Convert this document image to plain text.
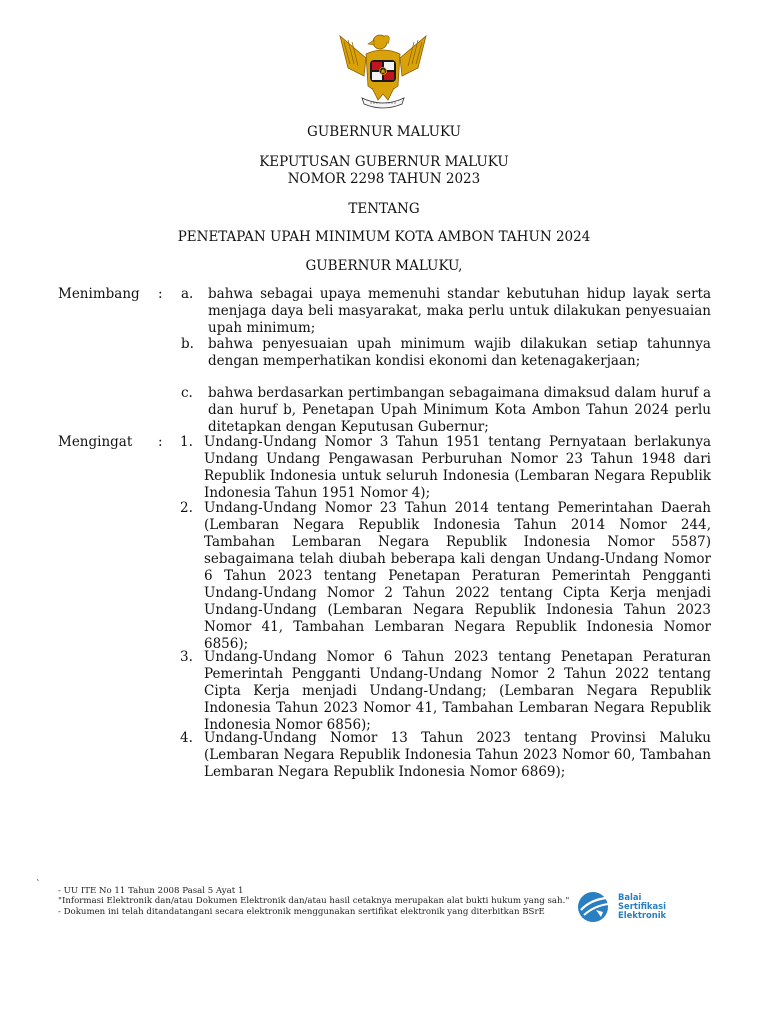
GUBERNUR MALUKU
KEPUTUSAN GUBERNUR MALUKU
NOMOR 2298 TAHUN 2023
TENTANG
PENETAPAN UPAH MINIMUM KOTA AMBON TAHUN 2024
GUBERNUR MALUKU,
Menimbang : a. bahwa sebagai upaya memenuhi standar kebutuhan hidup layak serta menjaga daya beli masyarakat, maka perlu untuk dilakukan penyesuaian upah minimum;
b. bahwa penyesuaian upah minimum wajib dilakukan setiap tahunnya dengan memperhatikan kondisi ekonomi dan ketenagakerjaan;
c. bahwa berdasarkan pertimbangan sebagaimana dimaksud dalam huruf a dan huruf b, Penetapan Upah Minimum Kota Ambon Tahun 2024 perlu ditetapkan dengan Keputusan Gubernur;
Mengingat : 1. Undang-Undang Nomor 3 Tahun 1951 tentang Pernyataan berlakunya Undang Undang Pengawasan Perburuhan Nomor 23 Tahun 1948 dari Republik Indonesia untuk seluruh Indonesia (Lembaran Negara Republik Indonesia Tahun 1951 Nomor 4);
2. Undang-Undang Nomor 23 Tahun 2014 tentang Pemerintahan Daerah (Lembaran Negara Republik Indonesia Tahun 2014 Nomor 244, Tambahan Lembaran Negara Republik Indonesia Nomor 5587) sebagaimana telah diubah beberapa kali dengan Undang-Undang Nomor 6 Tahun 2023 tentang Penetapan Peraturan Pemerintah Pengganti Undang-Undang Nomor 2 Tahun 2022 tentang Cipta Kerja menjadi Undang-Undang (Lembaran Negara Republik Indonesia Tahun 2023 Nomor 41, Tambahan Lembaran Negara Republik Indonesia Nomor 6856);
3. Undang-Undang Nomor 6 Tahun 2023 tentang Penetapan Peraturan Pemerintah Pengganti Undang-Undang Nomor 2 Tahun 2022 tentang Cipta Kerja menjadi Undang-Undang; (Lembaran Negara Republik Indonesia Tahun 2023 Nomor 41, Tambahan Lembaran Negara Republik Indonesia Nomor 6856);
4. Undang-Undang Nomor 13 Tahun 2023 tentang Provinsi Maluku (Lembaran Negara Republik Indonesia Tahun 2023 Nomor 60, Tambahan Lembaran Negara Republik Indonesia Nomor 6869);
`
- UU ITE No 11 Tahun 2008 Pasal 5 Ayat 1
"Informasi Elektronik dan/atau Dokumen Elektronik dan/atau hasil cetaknya merupakan alat bukti hukum yang sah."
- Dokumen ini telah ditandatangani secara elektronik menggunakan sertifikat elektronik yang diterbitkan BSrE
Balai
Sertifikasi
Elektronik
